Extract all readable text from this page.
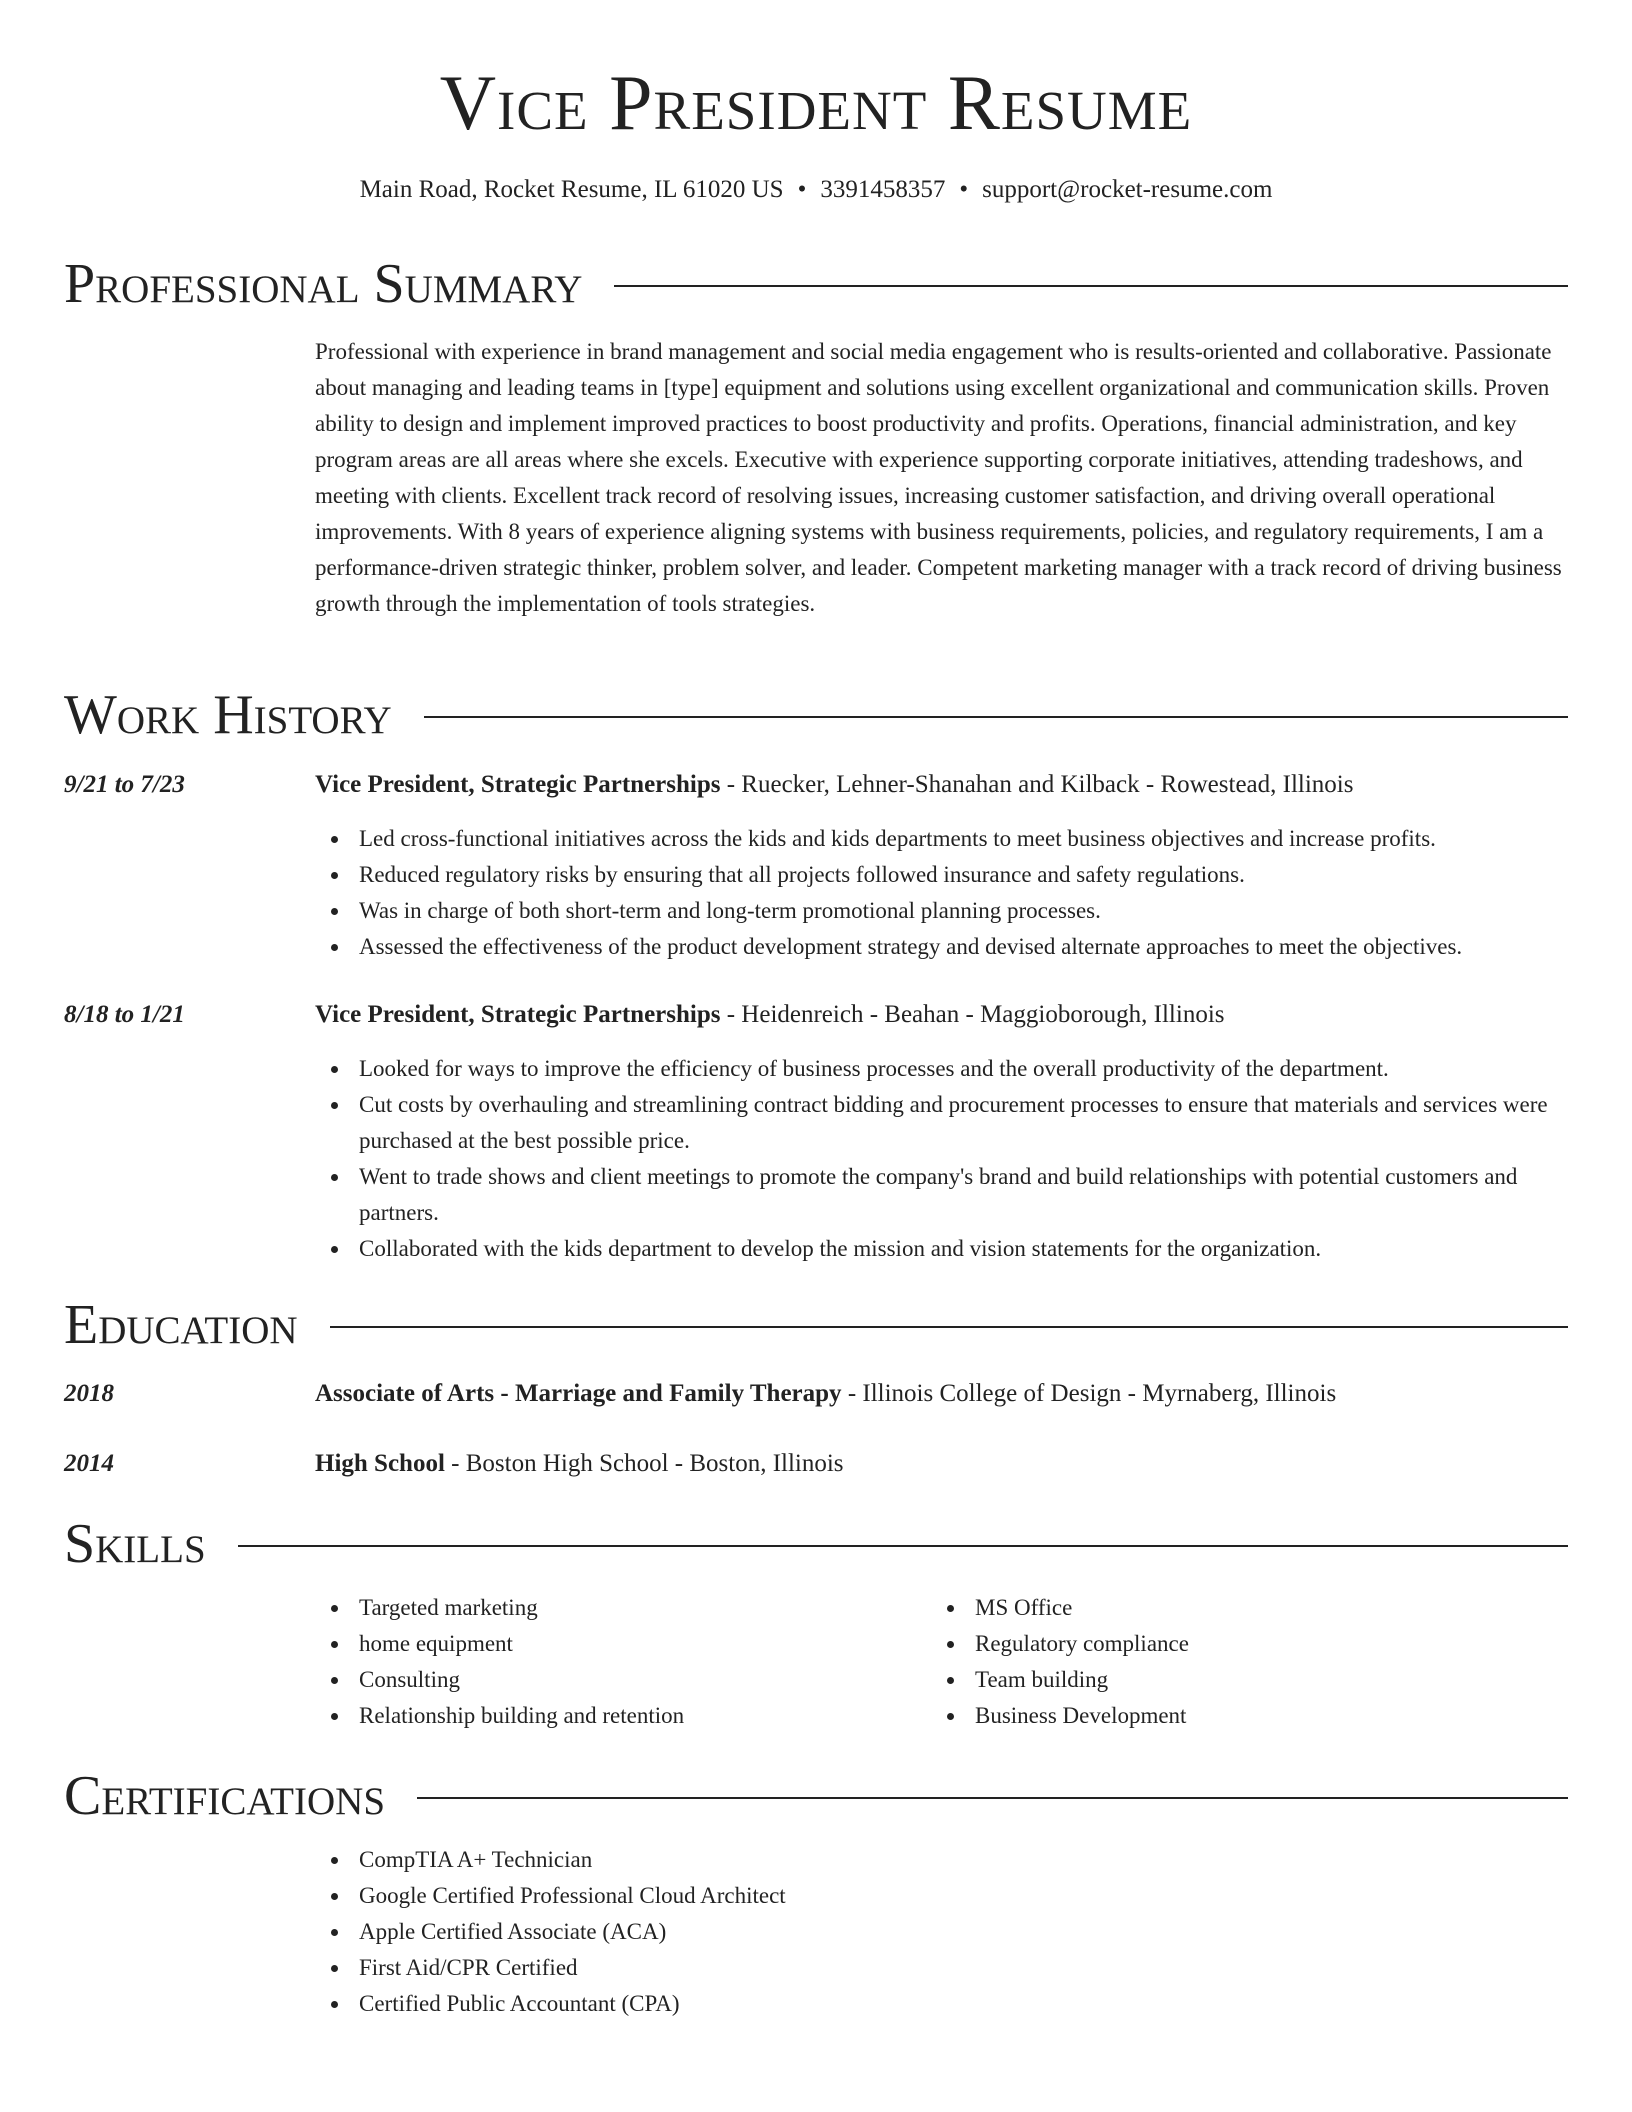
Vice President Resume
Main Road, Rocket Resume, IL 61020 US • 3391458357 • support@rocket-resume.com
Professional Summary
Professional with experience in brand management and social media engagement who is results-oriented and collaborative. Passionate about managing and leading teams in [type] equipment and solutions using excellent organizational and communication skills. Proven ability to design and implement improved practices to boost productivity and profits. Operations, financial administration, and key program areas are all areas where she excels. Executive with experience supporting corporate initiatives, attending tradeshows, and meeting with clients. Excellent track record of resolving issues, increasing customer satisfaction, and driving overall operational improvements. With 8 years of experience aligning systems with business requirements, policies, and regulatory requirements, I am a performance-driven strategic thinker, problem solver, and leader. Competent marketing manager with a track record of driving business growth through the implementation of tools strategies.
Work History
9/21 to 7/23	Vice President, Strategic Partnerships - Ruecker, Lehner-Shanahan and Kilback - Rowestead, Illinois
Led cross-functional initiatives across the kids and kids departments to meet business objectives and increase profits.
Reduced regulatory risks by ensuring that all projects followed insurance and safety regulations.
Was in charge of both short-term and long-term promotional planning processes.
Assessed the effectiveness of the product development strategy and devised alternate approaches to meet the objectives.
8/18 to 1/21	Vice President, Strategic Partnerships - Heidenreich - Beahan - Maggioborough, Illinois
Looked for ways to improve the efficiency of business processes and the overall productivity of the department.
Cut costs by overhauling and streamlining contract bidding and procurement processes to ensure that materials and services were purchased at the best possible price.
Went to trade shows and client meetings to promote the company's brand and build relationships with potential customers and partners.
Collaborated with the kids department to develop the mission and vision statements for the organization.
Education
2018	Associate of Arts - Marriage and Family Therapy - Illinois College of Design - Myrnaberg, Illinois
2014	High School - Boston High School - Boston, Illinois
Skills
Targeted marketing
home equipment
Consulting
Relationship building and retention
MS Office
Regulatory compliance
Team building
Business Development
Certifications
CompTIA A+ Technician
Google Certified Professional Cloud Architect
Apple Certified Associate (ACA)
First Aid/CPR Certified
Certified Public Accountant (CPA)
